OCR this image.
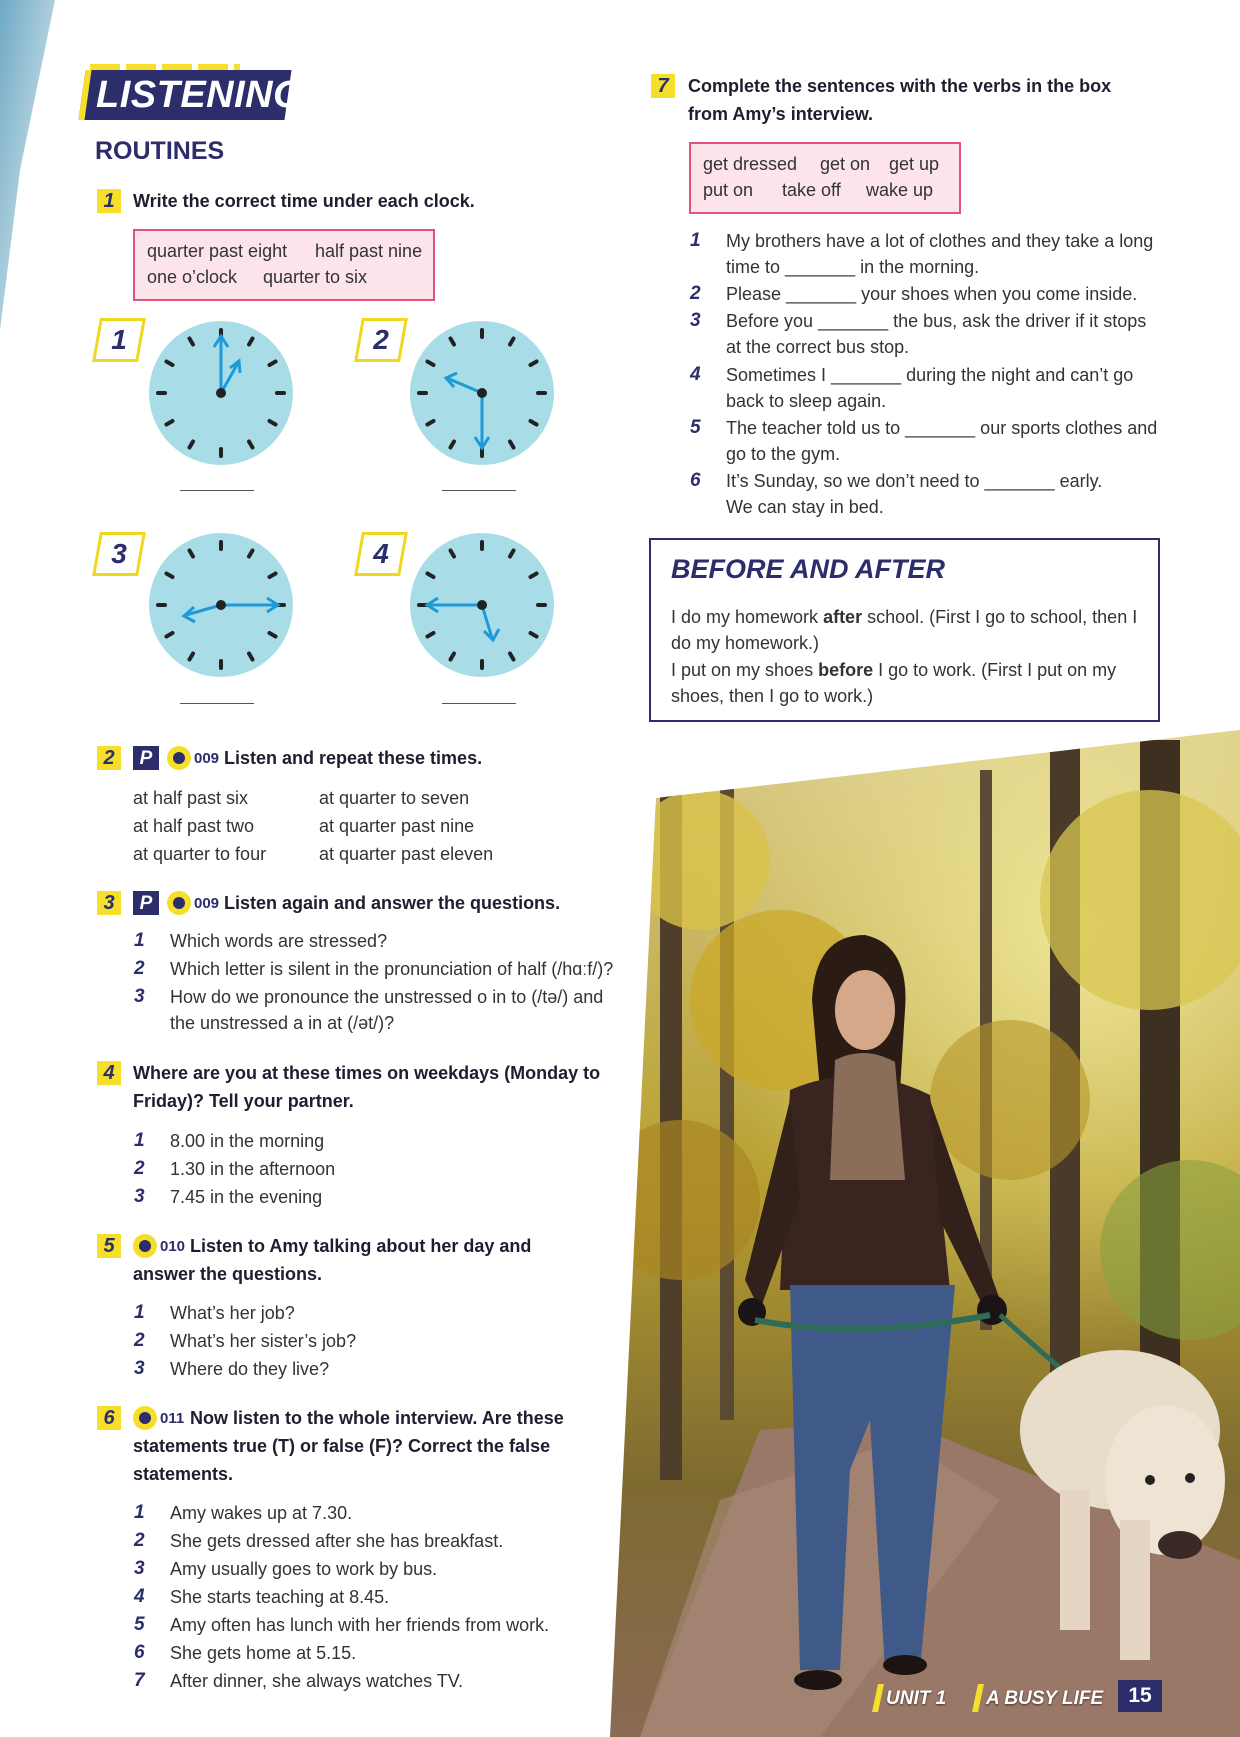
LISTENING
ROUTINES
1	Write the correct time under each clock.
quarter past eight half past nine
one o’clock quarter to six
1	2
3	4
2	P	009 Listen and repeat these times.
at half past six
at half past two
at quarter to four
at quarter to seven
at quarter past nine
at quarter past eleven
3	P	009 Listen again and answer the questions.
1 Which words are stressed?
2 Which letter is silent in the pronunciation of half (/hɑːf/)?
3 How do we pronounce the unstressed o in to (/tə/) and
the unstressed a in at (/ət/)?
4	Where are you at these times on weekdays (Monday to
Friday)? Tell your partner.
1 8.00 in the morning
2 1.30 in the afternoon
3 7.45 in the evening
5	010 Listen to Amy talking about her day and
answer the questions.
1 What’s her job?
2 What’s her sister’s job?
3 Where do they live?
6	011 Now listen to the whole interview. Are these
statements true (T) or false (F)? Correct the false
statements.
1 Amy wakes up at 7.30.
2 She gets dressed after she has breakfast.
3 Amy usually goes to work by bus.
4 She starts teaching at 8.45.
5 Amy often has lunch with her friends from work.
6 She gets home at 5.15.
7 After dinner, she always watches TV.
7	Complete the sentences with the verbs in the box
from Amy’s interview.
get dressed get on get up
put on take off wake up
1 My brothers have a lot of clothes and they take a long
time to _______ in the morning.
2 Please _______ your shoes when you come inside.
3 Before you _______ the bus, ask the driver if it stops
at the correct bus stop.
4 Sometimes I _______ during the night and can’t go
back to sleep again.
5 The teacher told us to _______ our sports clothes and
go to the gym.
6 It’s Sunday, so we don’t need to _______ early.
We can stay in bed.
BEFORE AND AFTER
I do my homework after school. (First I go to school, then I
do my homework.)
I put on my shoes before I go to work. (First I put on my
shoes, then I go to work.)
UNIT 1 A BUSY LIFE	15
